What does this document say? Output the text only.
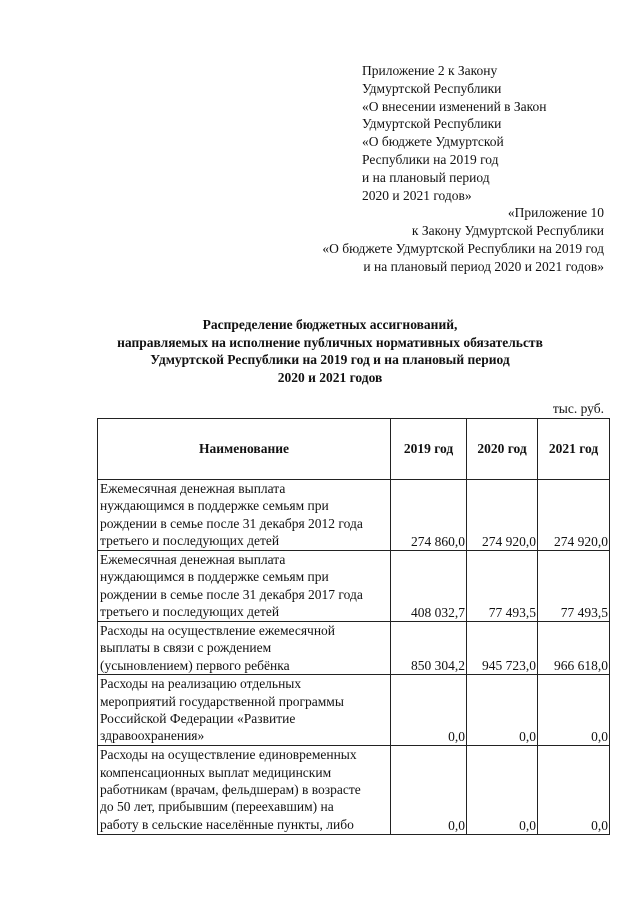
Приложение 2 к Закону
Удмуртской Республики
«О внесении изменений в Закон
Удмуртской Республики
«О бюджете Удмуртской
Республики на 2019 год
и на плановый период
2020 и 2021 годов»
«Приложение 10
к Закону Удмуртской Республики
«О бюджете Удмуртской Республики на 2019 год
и на плановый период 2020 и 2021 годов»
Распределение бюджетных ассигнований,
направляемых на исполнение публичных нормативных обязательств
Удмуртской Республики на 2019 год и на плановый период
2020 и 2021 годов
тыс. руб.
Наименование	2019 год	2020 год	2021 год

Ежемесячная денежная выплата
нуждающимся в поддержке семьям при
рождении в семье после 31 декабря 2012 года
третьего и последующих детей	274 860,0	274 920,0	274 920,0

Ежемесячная денежная выплата
нуждающимся в поддержке семьям при
рождении в семье после 31 декабря 2017 года
третьего и последующих детей	408 032,7	77 493,5	77 493,5

Расходы на осуществление ежемесячной
выплаты в связи с рождением
(усыновлением) первого ребёнка	850 304,2	945 723,0	966 618,0

Расходы на реализацию отдельных
мероприятий государственной программы
Российской Федерации «Развитие
здравоохранения»	0,0	0,0	0,0

Расходы на осуществление единовременных
компенсационных выплат медицинским
работникам (врачам, фельдшерам) в возрасте
до 50 лет, прибывшим (переехавшим) на
работу в сельские населённые пункты, либо	0,0	0,0	0,0
